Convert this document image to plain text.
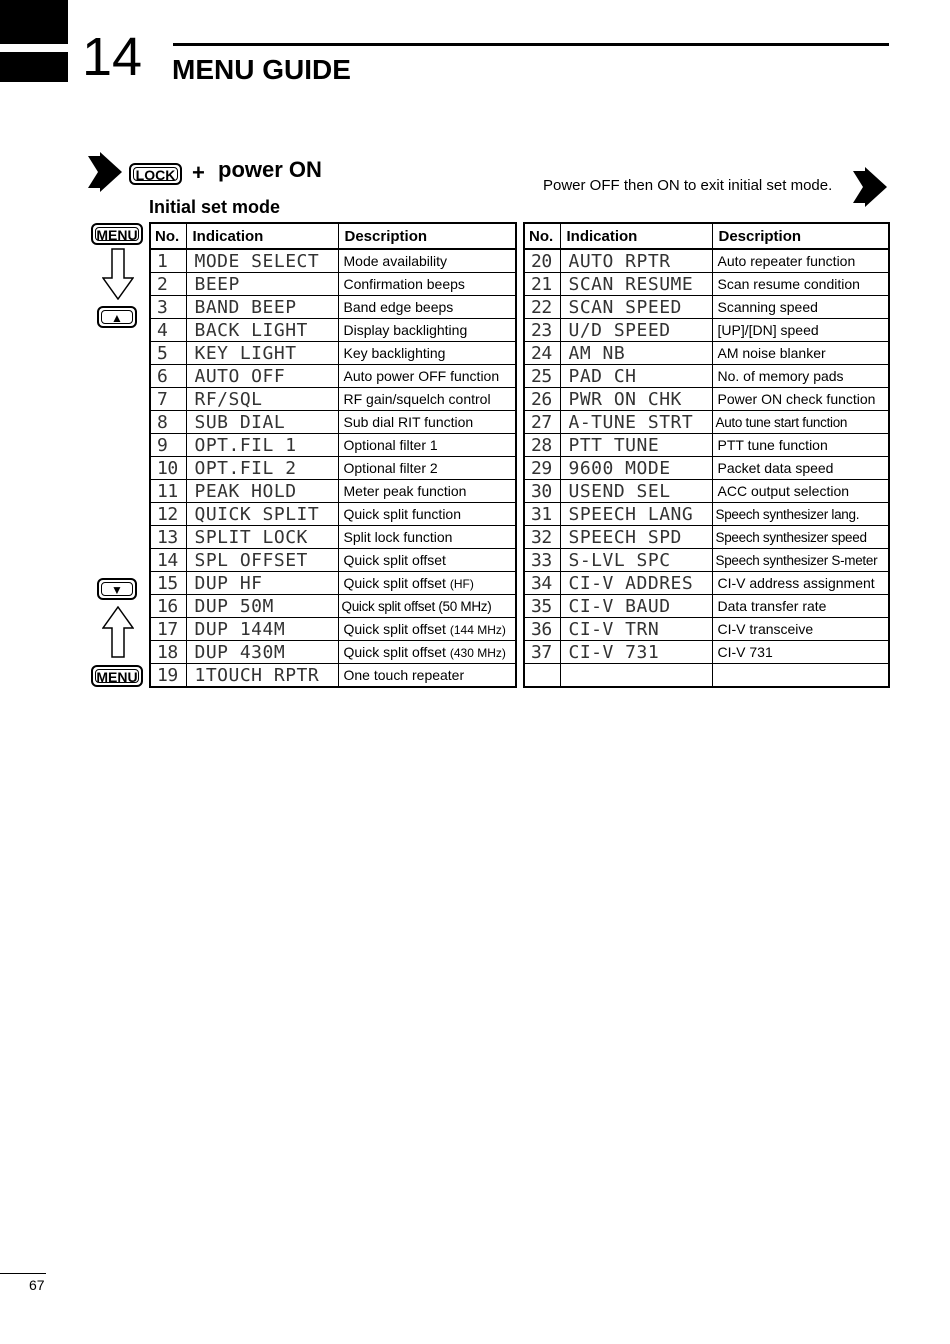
14 MENU GUIDE
LOCK + power ON
Power OFF then ON to exit initial set mode.
Initial set mode
MENU
▲
▼
MENU
No.	Indication	Description
1	MODE SELECT	Mode availability
2	BEEP	Confirmation beeps
3	BAND BEEP	Band edge beeps
4	BACK LIGHT	Display backlighting
5	KEY LIGHT	Key backlighting
6	AUTO OFF	Auto power OFF function
7	RF/SQL	RF gain/squelch control
8	SUB DIAL	Sub dial RIT function
9	OPT.FIL 1	Optional filter 1
10	OPT.FIL 2	Optional filter 2
11	PEAK HOLD	Meter peak function
12	QUICK SPLIT	Quick split function
13	SPLIT LOCK	Split lock function
14	SPL OFFSET	Quick split offset
15	DUP HF	Quick split offset (HF)
16	DUP 50M	Quick split offset (50 MHz)
17	DUP 144M	Quick split offset (144 MHz)
18	DUP 430M	Quick split offset (430 MHz)
19	1TOUCH RPTR	One touch repeater
No.	Indication	Description
20	AUTO RPTR	Auto repeater function
21	SCAN RESUME	Scan resume condition
22	SCAN SPEED	Scanning speed
23	U/D SPEED	[UP]/[DN] speed
24	AM NB	AM noise blanker
25	PAD CH	No. of memory pads
26	PWR ON CHK	Power ON check function
27	A-TUNE STRT	Auto tune start function
28	PTT TUNE	PTT tune function
29	9600 MODE	Packet data speed
30	USEND SEL	ACC output selection
31	SPEECH LANG	Speech synthesizer lang.
32	SPEECH SPD	Speech synthesizer speed
33	S-LVL SPC	Speech synthesizer S-meter
34	CI-V ADDRES	CI-V address assignment
35	CI-V BAUD	Data transfer rate
36	CI-V TRN	CI-V transceive
37	CI-V 731	CI-V 731

67
